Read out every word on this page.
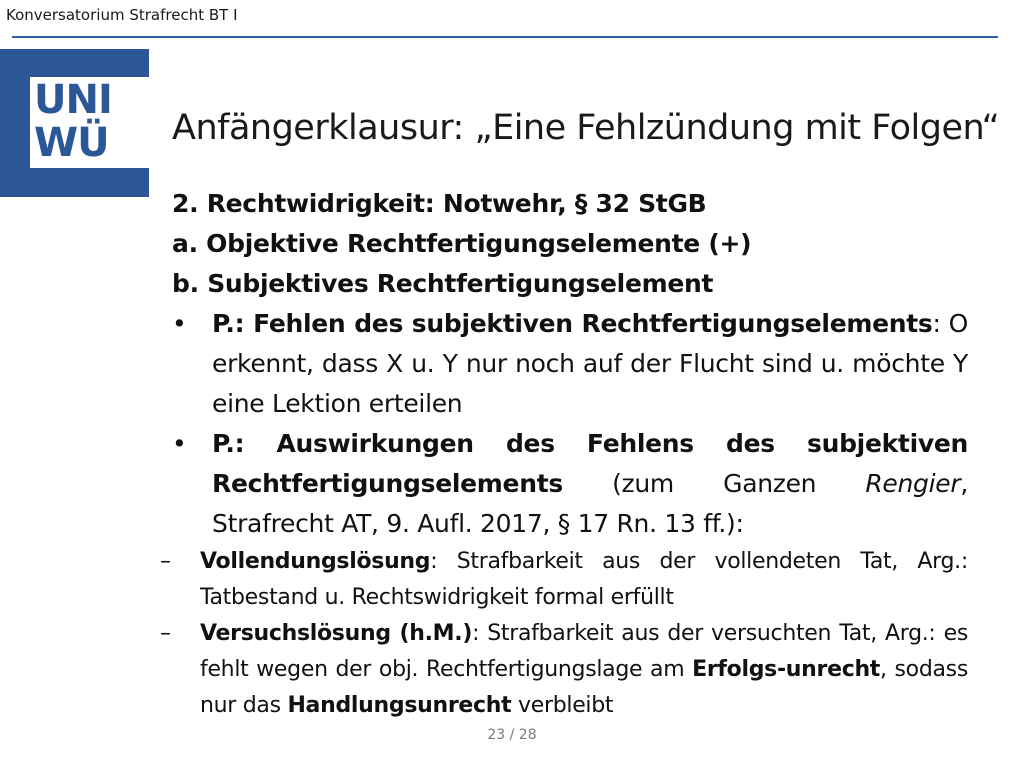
Konversatorium Strafrecht BT I
UNI
WÜ Anfängerklausur: „Eine Fehlzündung mit Folgen“
2. Rechtwidrigkeit: Notwehr, § 32 StGB
a. Objektive Rechtfertigungselemente (+)
b. Subjektives Rechtfertigungselement
•	P.: Fehlen des subjektiven Rechtfertigungselements: O erkennt, dass X u. Y nur noch auf der Flucht sind u. möchte Y eine Lektion erteilen
•	P.: Auswirkungen des Fehlens des subjektiven Rechtfertigungselements (zum Ganzen Rengier, Strafrecht AT, 9. Aufl. 2017, § 17 Rn. 13 ff.):
–	Vollendungslösung: Strafbarkeit aus der vollendeten Tat, Arg.: Tatbestand u. Rechtswidrigkeit formal erfüllt
–	Versuchslösung (h.M.): Strafbarkeit aus der versuchten Tat, Arg.: es fehlt wegen der obj. Rechtfertigungslage am Erfolgs-unrecht, sodass nur das Handlungsunrecht verbleibt
23 / 28
